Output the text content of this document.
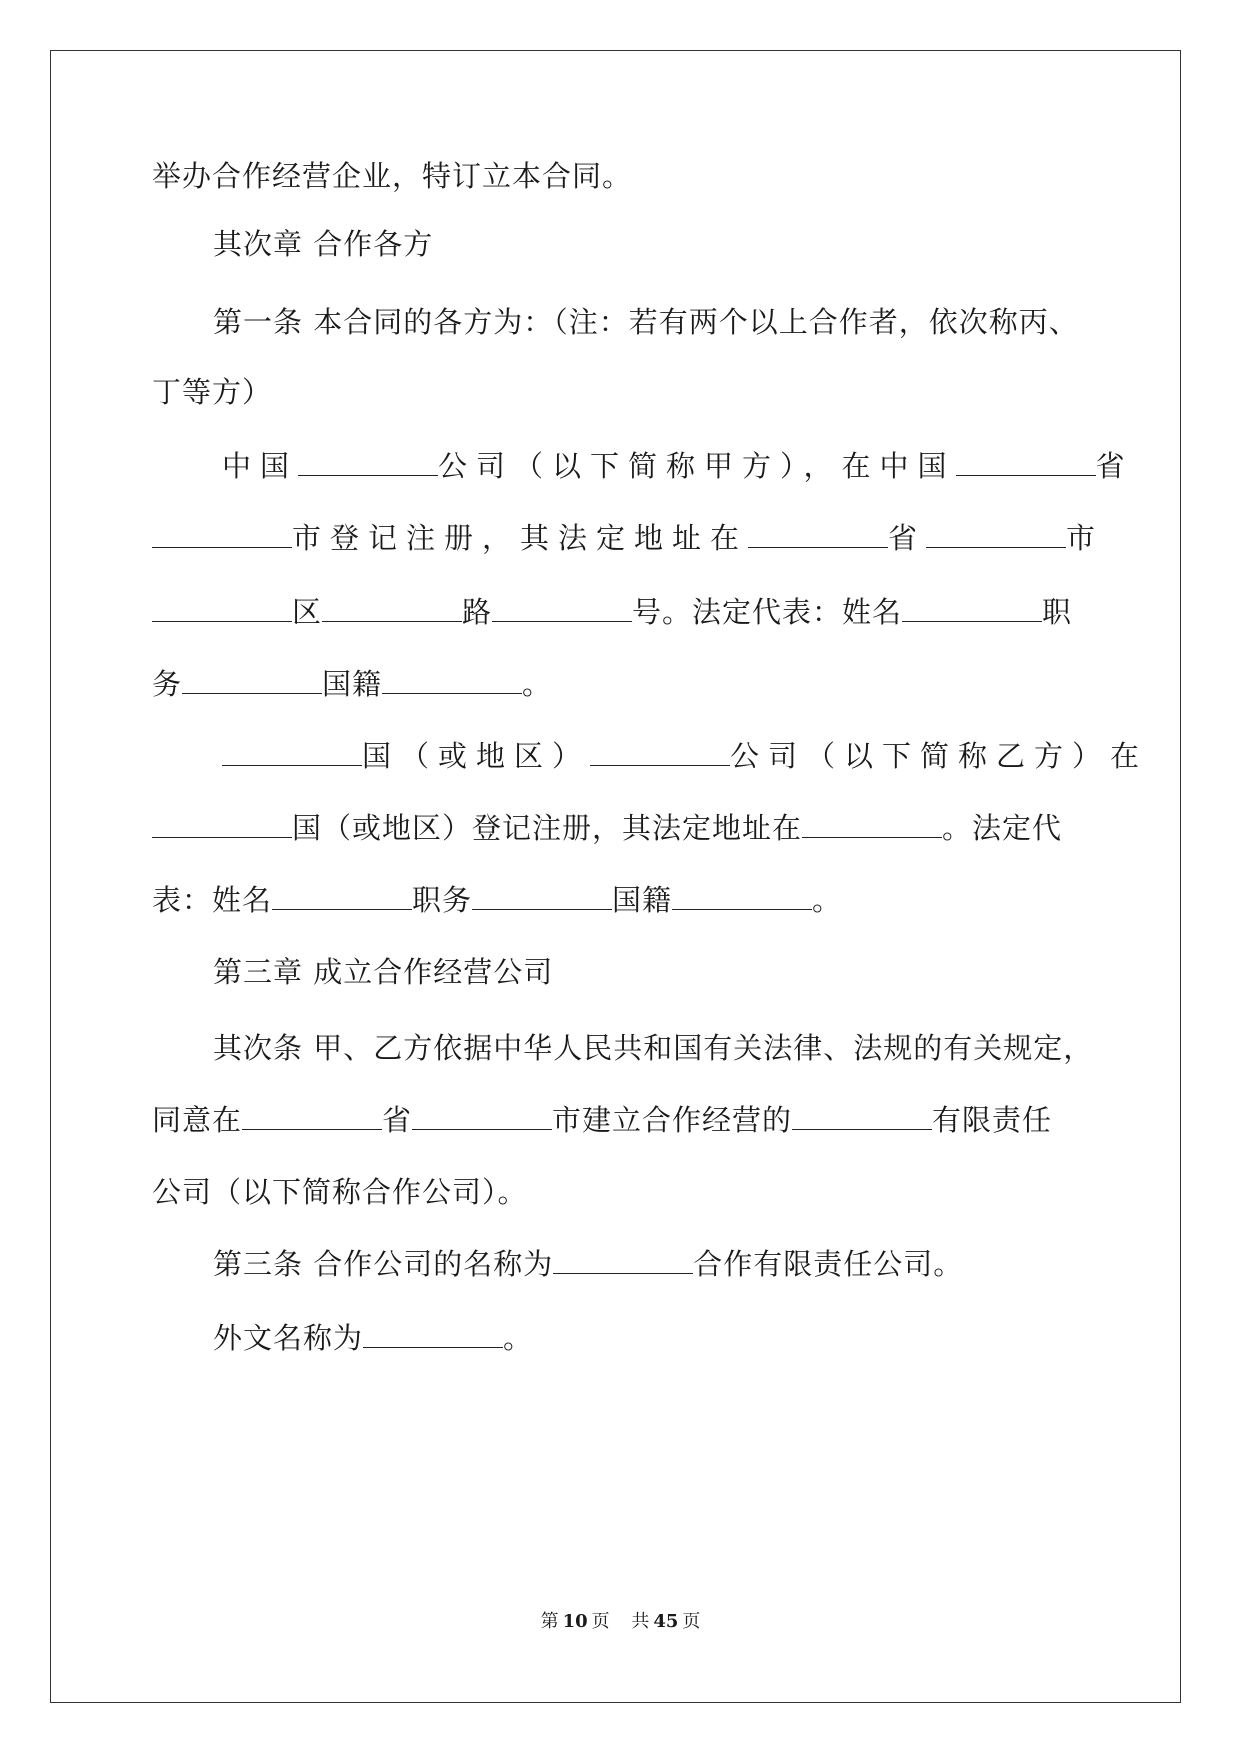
举办合作经营企业，特订立本合同。
其次章 合作各方
第一条 本合同的各方为：（注：若有两个以上合作者，依次称丙、
丁等方）
中国	公司（以下简称甲方），在中国	省
市登记注册，其法定地址在	省	市
区	路	号。法定代表：姓名	职
务	国籍	。
国（或地区）	公司（以下简称乙方）在
国（或地区）登记注册，其法定地址在	。法定代
表：姓名	职务	国籍	。
第三章 成立合作经营公司
其次条 甲、乙方依据中华人民共和国有关法律、法规的有关规定，
同意在	省	市建立合作经营的	有限责任
公司（以下简称合作公司）。
第三条 合作公司的名称为	合作有限责任公司。
外文名称为	。
第 10 页 共 45 页
